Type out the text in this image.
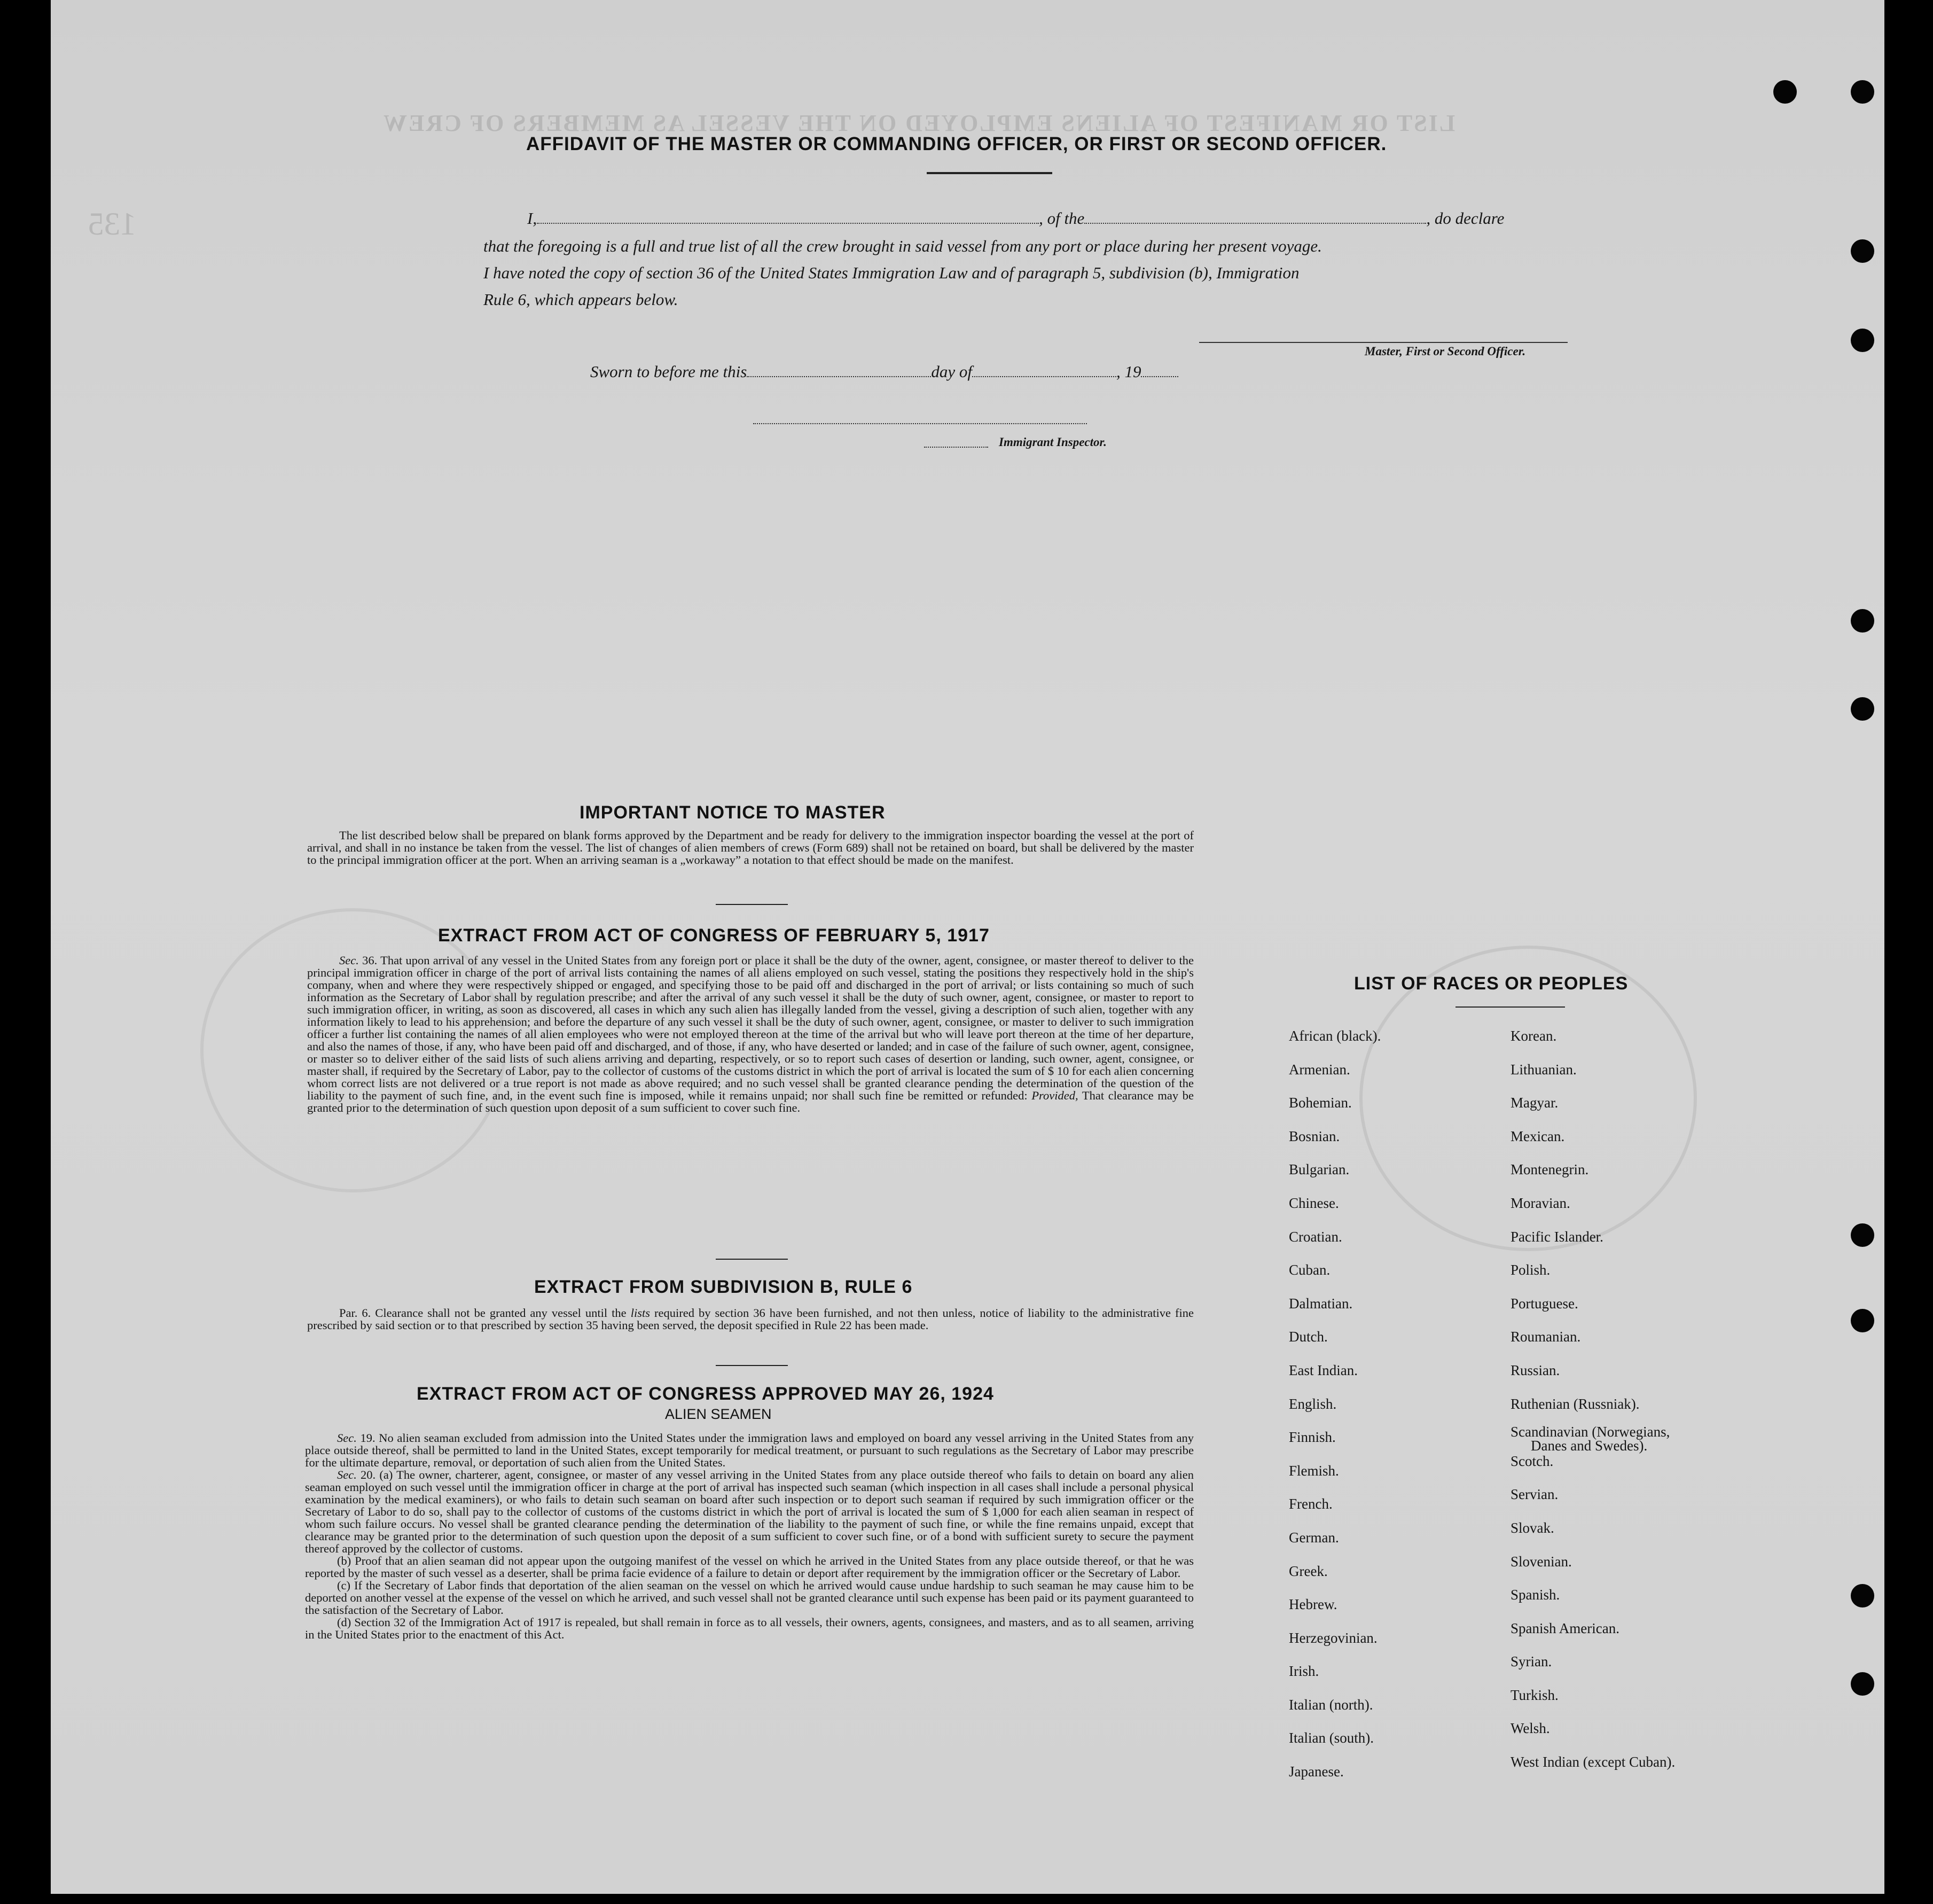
LIST OR MANIFEST OF ALIENS EMPLOYED ON THE VESSEL AS MEMBERS OF CREW
135
AFFIDAVIT OF THE MASTER OR COMMANDING OFFICER, OR FIRST OR SECOND OFFICER.
I,	, of the	, do declare
that the foregoing is a full and true list of all the crew brought in said vessel from any port or place during her present voyage.
I have noted the copy of section 36 of the United States Immigration Law and of paragraph 5, subdivision (b), Immigration
Rule 6, which appears below.
Master, First or Second Officer.
Sworn to before me this	day of	, 19
Immigrant Inspector.
IMPORTANT NOTICE TO MASTER

The list described below shall be prepared on blank forms approved by the Department and be ready for delivery to the immigration inspector boarding the vessel at the port of arrival, and shall in no instance be taken from the vessel. The list of changes of alien members of crews (Form 689) shall not be retained on board, but shall be delivered by the master to the principal immigration officer at the port. When an arriving seaman is a „workaway” a notation to that effect should be made on the manifest.

EXTRACT FROM ACT OF CONGRESS OF FEBRUARY 5, 1917

Sec. 36. That upon arrival of any vessel in the United States from any foreign port or place it shall be the duty of the owner, agent, consignee, or master thereof to deliver to the principal immigration officer in charge of the port of arrival lists containing the names of all aliens employed on such vessel, stating the positions they respectively hold in the ship's company, when and where they were respectively shipped or engaged, and specifying those to be paid off and discharged in the port of arrival; or lists containing so much of such information as the Secretary of Labor shall by regulation prescribe; and after the arrival of any such vessel it shall be the duty of such owner, agent, consignee, or master to report to such immigration officer, in writing, as soon as discovered, all cases in which any such alien has illegally landed from the vessel, giving a description of such alien, together with any information likely to lead to his apprehension; and before the departure of any such vessel it shall be the duty of such owner, agent, consignee, or master to deliver to such immigration officer a further list containing the names of all alien employees who were not employed thereon at the time of the arrival but who will leave port thereon at the time of her departure, and also the names of those, if any, who have been paid off and discharged, and of those, if any, who have deserted or landed; and in case of the failure of such owner, agent, consignee, or master so to deliver either of the said lists of such aliens arriving and departing, respectively, or so to report such cases of desertion or landing, such owner, agent, consignee, or master shall, if required by the Secretary of Labor, pay to the collector of customs of the customs district in which the port of arrival is located the sum of $ 10 for each alien concerning whom correct lists are not delivered or a true report is not made as above required; and no such vessel shall be granted clearance pending the determination of the question of the liability to the payment of such fine, and, in the event such fine is imposed, while it remains unpaid; nor shall such fine be remitted or refunded: Provided, That clearance may be granted prior to the determination of such question upon deposit of a sum sufficient to cover such fine.

EXTRACT FROM SUBDIVISION B, RULE 6

Par. 6. Clearance shall not be granted any vessel until the lists required by section 36 have been furnished, and not then unless, notice of liability to the administrative fine prescribed by said section or to that prescribed by section 35 having been served, the deposit specified in Rule 22 has been made.

EXTRACT FROM ACT OF CONGRESS APPROVED MAY 26, 1924
ALIEN SEAMEN

Sec. 19. No alien seaman excluded from admission into the United States under the immigration laws and employed on board any vessel arriving in the United States from any place outside thereof, shall be permitted to land in the United States, except temporarily for medical treatment, or pursuant to such regulations as the Secretary of Labor may prescribe for the ultimate departure, removal, or deportation of such alien from the United States.

Sec. 20. (a) The owner, charterer, agent, consignee, or master of any vessel arriving in the United States from any place outside thereof who fails to detain on board any alien seaman employed on such vessel until the immigration officer in charge at the port of arrival has inspected such seaman (which inspection in all cases shall include a personal physical examination by the medical examiners), or who fails to detain such seaman on board after such inspection or to deport such seaman if required by such immigration officer or the Secretary of Labor to do so, shall pay to the collector of customs of the customs district in which the port of arrival is located the sum of $ 1,000 for each alien seaman in respect of whom such failure occurs. No vessel shall be granted clearance pending the determination of the liability to the payment of such fine, or while the fine remains unpaid, except that clearance may be granted prior to the determination of such question upon the deposit of a sum sufficient to cover such fine, or of a bond with sufficient surety to secure the payment thereof approved by the collector of customs.

(b) Proof that an alien seaman did not appear upon the outgoing manifest of the vessel on which he arrived in the United States from any place outside thereof, or that he was reported by the master of such vessel as a deserter, shall be prima facie evidence of a failure to detain or deport after requirement by the immigration officer or the Secretary of Labor.

(c) If the Secretary of Labor finds that deportation of the alien seaman on the vessel on which he arrived would cause undue hardship to such seaman he may cause him to be deported on another vessel at the expense of the vessel on which he arrived, and such vessel shall not be granted clearance until such expense has been paid or its payment guaranteed to the satisfaction of the Secretary of Labor.

(d) Section 32 of the Immigration Act of 1917 is repealed, but shall remain in force as to all vessels, their owners, agents, consignees, and masters, and as to all seamen, arriving in the United States prior to the enactment of this Act.

LIST OF RACES OR PEOPLES
African (black).
Armenian.
Bohemian.
Bosnian.
Bulgarian.
Chinese.
Croatian.
Cuban.
Dalmatian.
Dutch.
East Indian.
English.
Finnish.
Flemish.
French.
German.
Greek.
Hebrew.
Herzegovinian.
Irish.
Italian (north).
Italian (south).
Japanese.
Korean.
Lithuanian.
Magyar.
Mexican.
Montenegrin.
Moravian.
Pacific Islander.
Polish.
Portuguese.
Roumanian.
Russian.
Ruthenian (Russniak).
Scandinavian (Norwegians,
Danes and Swedes).
Scotch.
Servian.
Slovak.
Slovenian.
Spanish.
Spanish American.
Syrian.
Turkish.
Welsh.
West Indian (except Cuban).
